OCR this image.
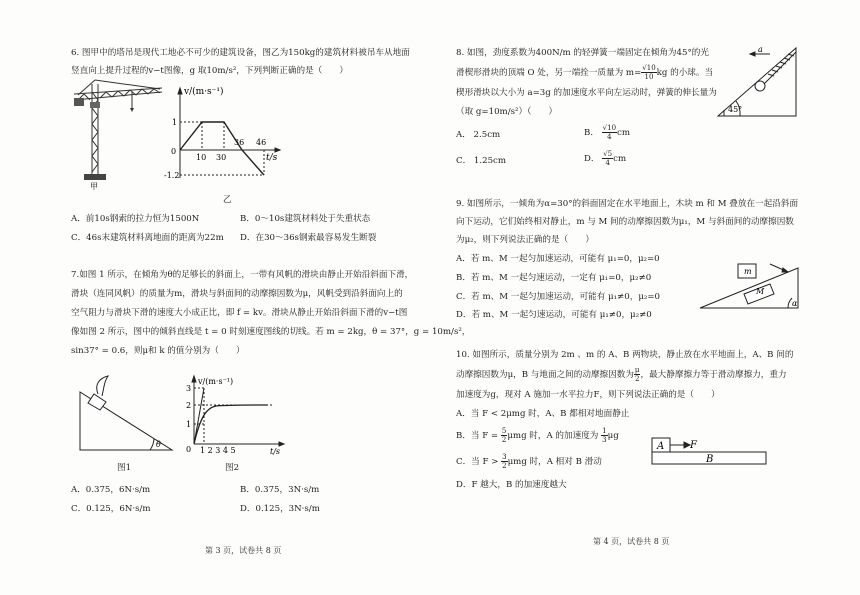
6. 图甲中的塔吊是现代工地必不可少的建筑设备，图乙为150kg的建筑材料被吊车从地面
竖直向上提升过程的v−t图像，g 取10m/s²，下列判断正确的是（　　）
甲
v/(m·s⁻¹)
t/s
0
1
-1.2
10 30
36 46
乙
A．前10s钢索的拉力恒为1500N	B．0～10s建筑材料处于失重状态
C．46s末建筑材料离地面的距离为22m D．在30～36s钢索最容易发生断裂
7.如图 1 所示，在倾角为θ的足够长的斜面上，一带有风帆的滑块由静止开始沿斜面下滑，
滑块（连同风帆）的质量为m，滑块与斜面间的动摩擦因数为μ，风帆受到沿斜面向上的
空气阻力与滑块下滑的速度大小成正比，即 f = kv。滑块从静止开始沿斜面下滑的v−t图
像如图 2 所示，图中的倾斜直线是 t = 0 时刻速度图线的切线。若 m = 2kg，θ = 37°，g = 10m/s²，
sin37° = 0.6，则μ和 k 的值分别为（　　）
θ
图1
v/(m·s⁻¹)
3
2
1
0 1 2 3 4 5	t/s
图2
A．0.375，6N·s/m	B．0.375，3N·s/m
C．0.125，6N·s/m	D．0.125，3N·s/m
第 3 页，试卷共 8 页
8. 如图，劲度系数为400N/m 的轻弹簧一端固定在倾角为45°的光
滑楔形滑块的顶端 O 处，另一端拴一质量为 $m= \frac{√10}{10}$ kg 的小球。当
楔形滑块以大小为 a=3g 的加速度水平向左运动时，弹簧的伸长量为
（取 g=10m/s²）（　　）
a
45°
A． 2.5cm	B． $\frac{√10}{4}$ cm
C． 1.25cm	D． $\frac{√5}{4}$ cm
9. 如图所示，一倾角为α=30°的斜面固定在水平地面上，木块 m 和 M 叠放在一起沿斜面
向下运动，它们始终相对静止，m 与 M 间的动摩擦因数为μ₁，M 与斜面间的动摩擦因数
为μ₂，则下列说法正确的是（　　）
A．若 m、M 一起匀加速运动，可能有 μ₁=0，μ₂=0
B．若 m、M 一起匀速运动，一定有 μ₁=0，μ₂≠0
C．若 m、M 一起匀加速运动，可能有 μ₁≠0，μ₂=0
D．若 m、M 一起匀速运动，可能有 μ₁≠0，μ₂≠0
m
M
α
10. 如图所示，质量分别为 2m 、m 的 A、B 两物块，静止放在水平地面上，A、B 间的
动摩擦因数为μ，B 与地面之间的动摩擦因数为 $\frac{\mu}{2}$ ，最大静摩擦力等于滑动摩擦力，重力
加速度为g，现对 A 施加一水平拉力F，则下列说法正确的是（　　）
A．当 F < 2μmg 时，A、B 都相对地面静止
B．当 $F = \frac{5}{2}$ μmg 时，A 的加速度为 $\frac{1}{3}$ μg
C．当 $F > \frac{3}{2}$ μmg 时，A 相对 B 滑动
D．F 越大，B 的加速度越大
A	F
B
第 4 页，试卷共 8 页
